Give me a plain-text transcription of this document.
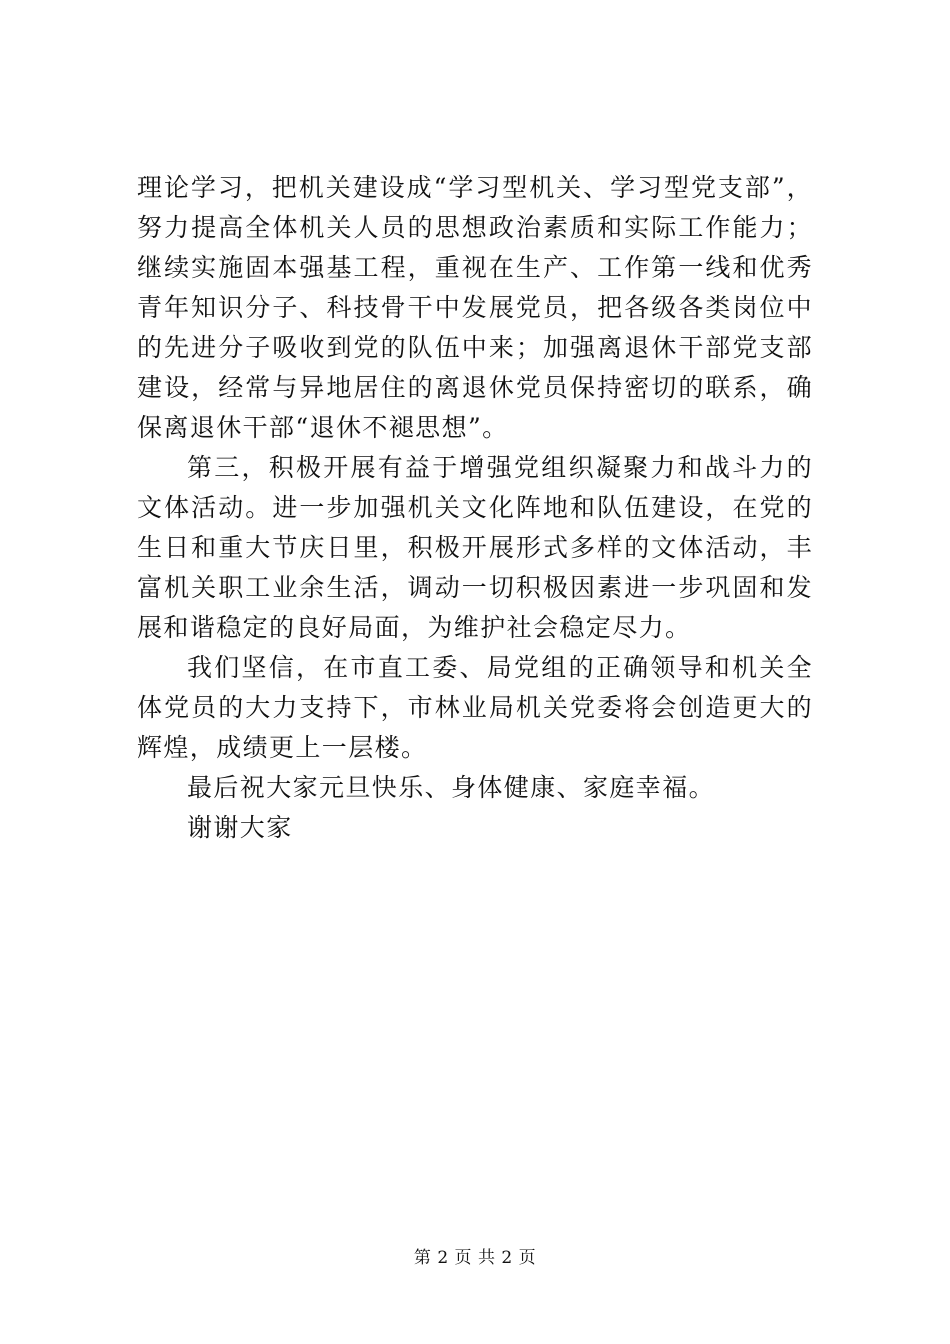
理论学习，把机关建设成“学习型机关、学习型党支部”，努力提高全体机关人员的思想政治素质和实际工作能力；继续实施固本强基工程，重视在生产、工作第一线和优秀青年知识分子、科技骨干中发展党员，把各级各类岗位中的先进分子吸收到党的队伍中来；加强离退休干部党支部建设，经常与异地居住的离退休党员保持密切的联系，确保离退休干部“退休不褪思想”。

第三，积极开展有益于增强党组织凝聚力和战斗力的文体活动。进一步加强机关文化阵地和队伍建设，在党的生日和重大节庆日里，积极开展形式多样的文体活动，丰富机关职工业余生活，调动一切积极因素进一步巩固和发展和谐稳定的良好局面，为维护社会稳定尽力。

我们坚信，在市直工委、局党组的正确领导和机关全体党员的大力支持下，市林业局机关党委将会创造更大的辉煌，成绩更上一层楼。

最后祝大家元旦快乐、身体健康、家庭幸福。

谢谢大家

第 2 页 共 2 页
